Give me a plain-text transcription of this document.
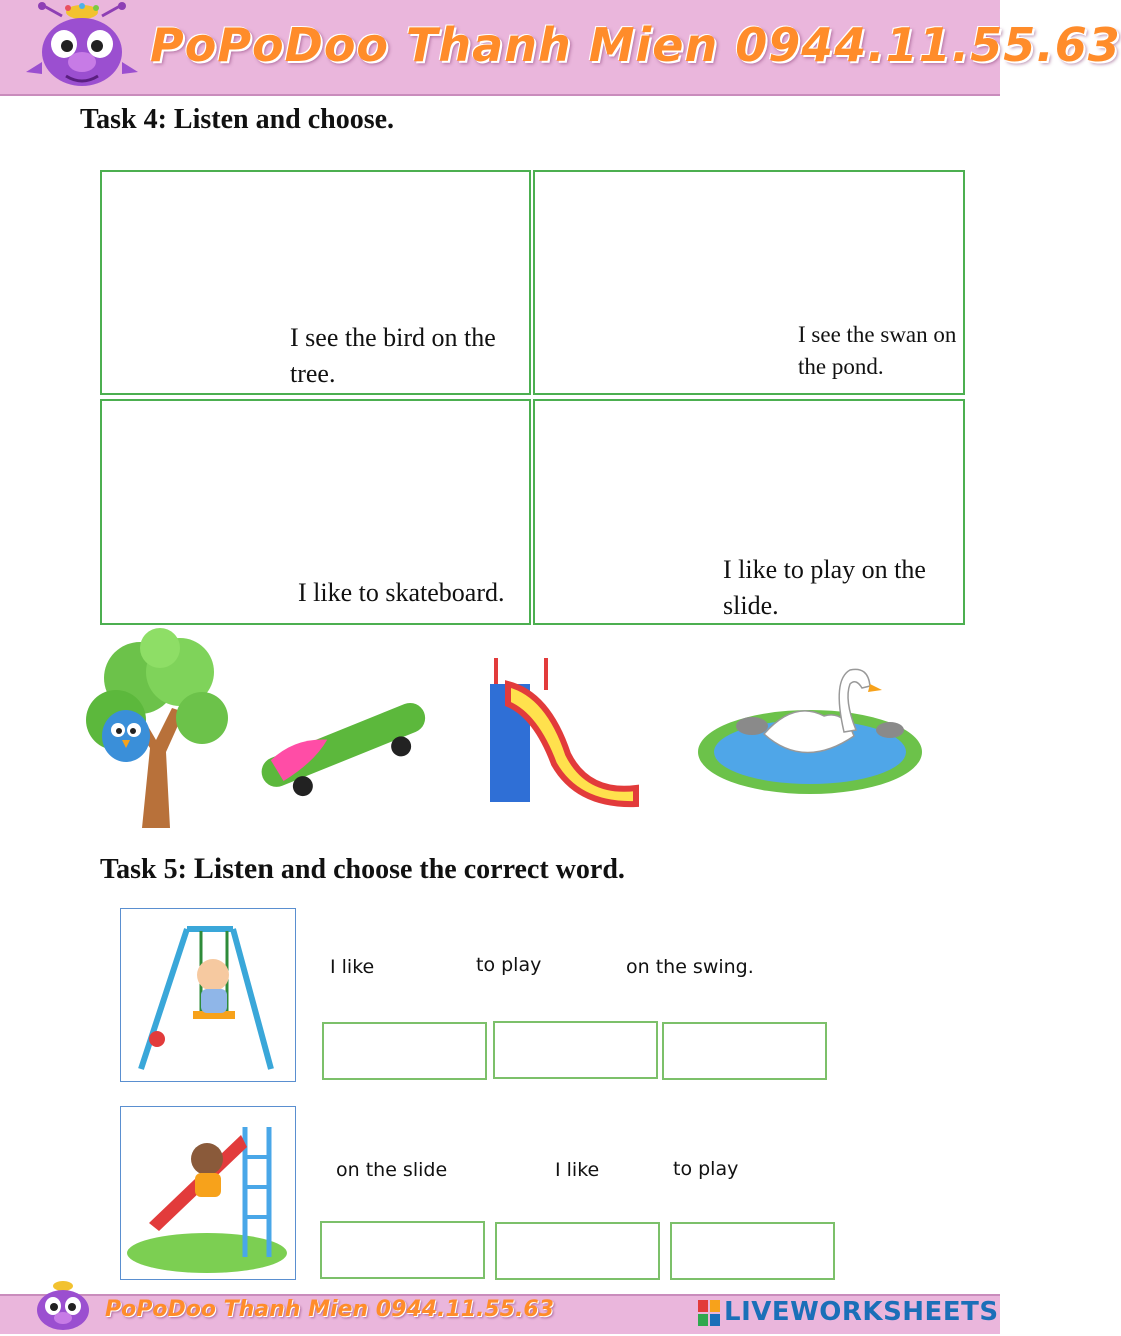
PoPoDoo Thanh Mien 0944.11.55.63
Task 4: Listen and choose.
I see the bird on the tree.
I see the swan on the pond.
I like to skateboard.
I like to play on the slide.
Task 5: Listen and choose the correct word.
I like	to play	on the swing.
on the slide	I like	to play
PoPoDoo Thanh Mien 0944.11.55.63	LIVEWORKSHEETS
